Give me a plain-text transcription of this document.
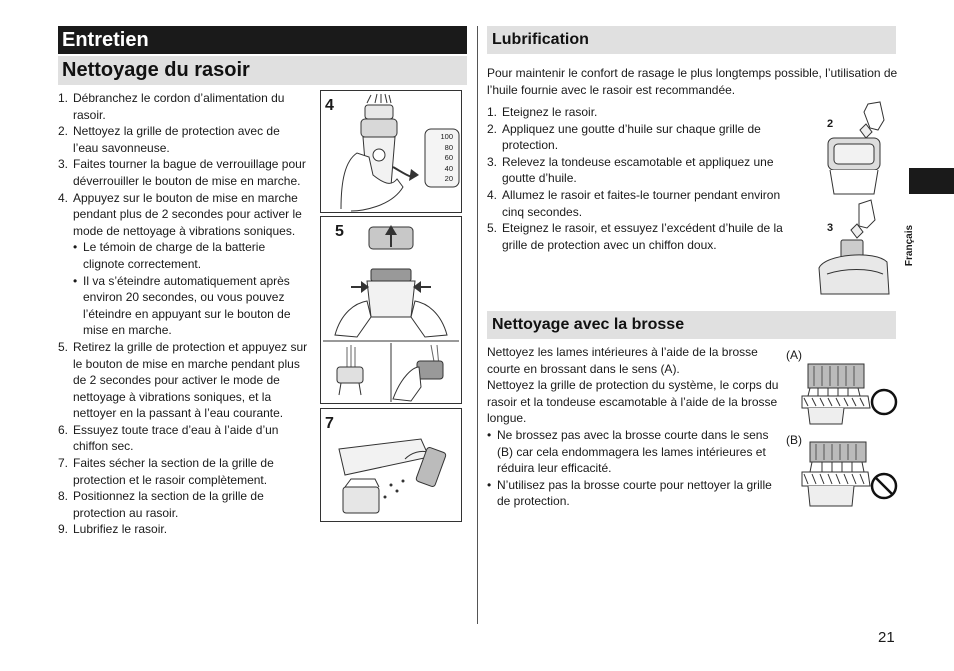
Entretien
Nettoyage du rasoir
1. Débranchez le cordon d’alimentation du rasoir.
2. Nettoyez la grille de protection avec de l’eau savonneuse.
3. Faites tourner la bague de verrouillage pour déverrouiller le bouton de mise en marche.
4. Appuyez sur le bouton de mise en marche pendant plus de 2 secondes pour activer le mode de nettoyage à vibrations soniques.
• Le témoin de charge de la batterie clignote correctement.
• Il va s’éteindre automatiquement après environ 20 secondes, ou vous pouvez l’éteindre en appuyant sur le bouton de mise en marche.
5. Retirez la grille de protection et appuyez sur le bouton de mise en marche pendant plus de 2 secondes pour activer le mode de nettoyage à vibrations soniques, et la nettoyer en la passant à l’eau courante.
6. Essuyez toute trace d’eau à l’aide d’un chiffon sec.
7. Faites sécher la section de la grille de protection et le rasoir complètement.
8. Positionnez la section de la grille de protection au rasoir.
9. Lubrifiez le rasoir.
4
100
80
60
40
20
5
7
Lubrification

Pour maintenir le confort de rasage le plus longtemps possible, l’utilisation de l’huile fournie avec le rasoir est recommandée.

1. Eteignez le rasoir.
2. Appliquez une goutte d’huile sur chaque grille de protection.
3. Relevez la tondeuse escamotable et appliquez une goutte d’huile.
4. Allumez le rasoir et faites-le tourner pendant environ cinq secondes.
5. Eteignez le rasoir, et essuyez l’excédent d’huile de la grille de protection avec un chiffon doux.
2
3
Nettoyage avec la brosse

Nettoyez les lames intérieures à l’aide de la brosse courte en brossant dans le sens (A).

Nettoyez la grille de protection du système, le corps du rasoir et la tondeuse escamotable à l’aide de la brosse longue.

• Ne brossez pas avec la brosse courte dans le sens (B) car cela endommagera les lames intérieures et réduira leur efficacité.
• N’utilisez pas la brosse courte pour nettoyer la grille de protection.
(A)
(B)
Français
21
